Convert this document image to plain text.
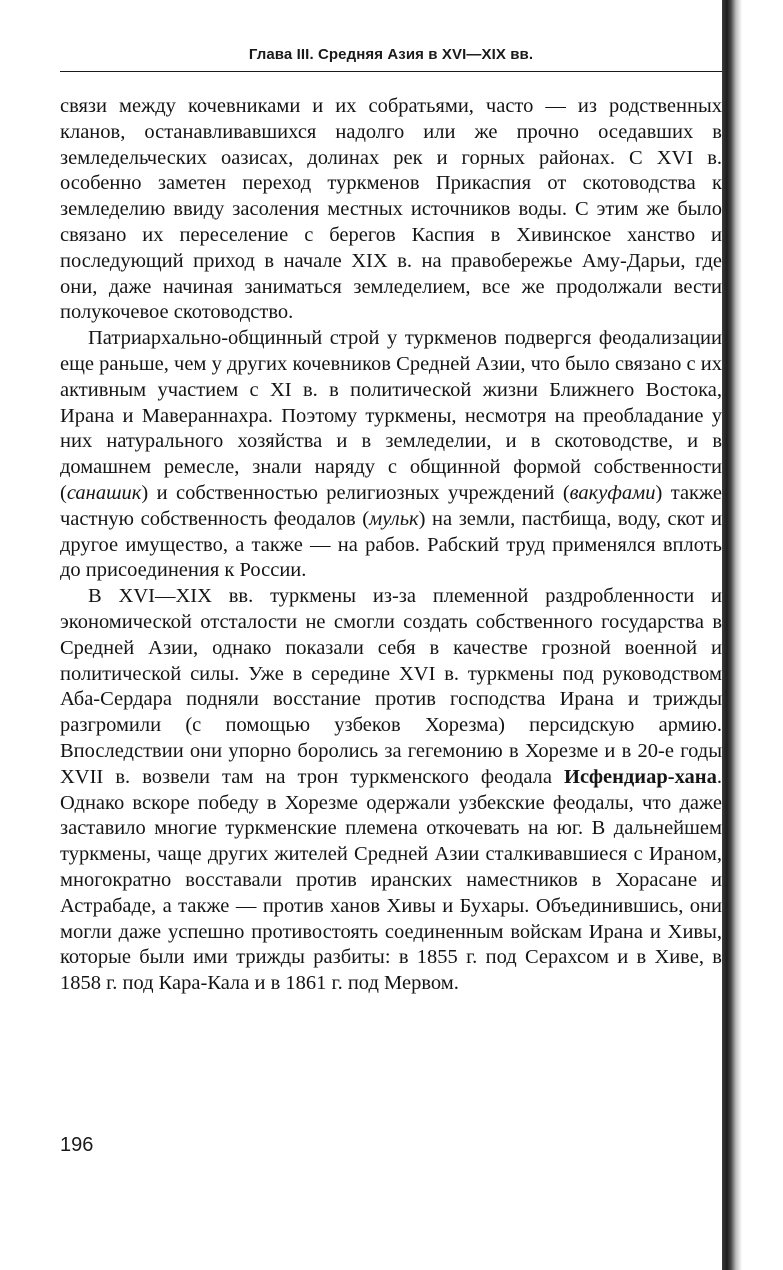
Глава III. Средняя Азия в XVI—XIX вв.

связи между кочевниками и их собратьями, часто — из родственных кланов, останавливавшихся надолго или же прочно оседавших в земледельческих оазисах, долинах рек и горных районах. С XVI в. особенно заметен переход туркменов Прикаспия от скотоводства к земледелию ввиду засоления местных источников воды. С этим же было связано их переселение с берегов Каспия в Хивинское ханство и последующий приход в начале XIX в. на правобережье Аму-Дарьи, где они, даже начиная заниматься земледелием, все же продолжали вести полукочевое скотоводство.

Патриархально-общинный строй у туркменов подвергся феодализации еще раньше, чем у других кочевников Средней Азии, что было связано с их активным участием с XI в. в политической жизни Ближнего Востока, Ирана и Мавераннахра. Поэтому туркмены, несмотря на преобладание у них натурального хозяйства и в земледелии, и в скотоводстве, и в домашнем ремесле, знали наряду с общинной формой собственности (санашик) и собственностью религиозных учреждений (вакуфами) также частную собственность феодалов (мульк) на земли, пастбища, воду, скот и другое имущество, а также — на рабов. Рабский труд применялся вплоть до присоединения к России.

В XVI—XIX вв. туркмены из-за племенной раздробленности и экономической отсталости не смогли создать собственного государства в Средней Азии, однако показали себя в качестве грозной военной и политической силы. Уже в середине XVI в. туркмены под руководством Аба-Сердара подняли восстание против господства Ирана и трижды разгромили (с помощью узбеков Хорезма) персидскую армию. Впоследствии они упорно боролись за гегемонию в Хорезме и в 20-е годы XVII в. возвели там на трон туркменского феодала Исфендиар-хана. Однако вскоре победу в Хорезме одержали узбекские феодалы, что даже заставило многие туркменские племена откочевать на юг. В дальнейшем туркмены, чаще других жителей Средней Азии сталкивавшиеся с Ираном, многократно восставали против иранских наместников в Хорасане и Астрабаде, а также — против ханов Хивы и Бухары. Объединившись, они могли даже успешно противостоять соединенным войскам Ирана и Хивы, которые были ими трижды разбиты: в 1855 г. под Серахсом и в Хиве, в 1858 г. под Кара-Кала и в 1861 г. под Мервом.

196
